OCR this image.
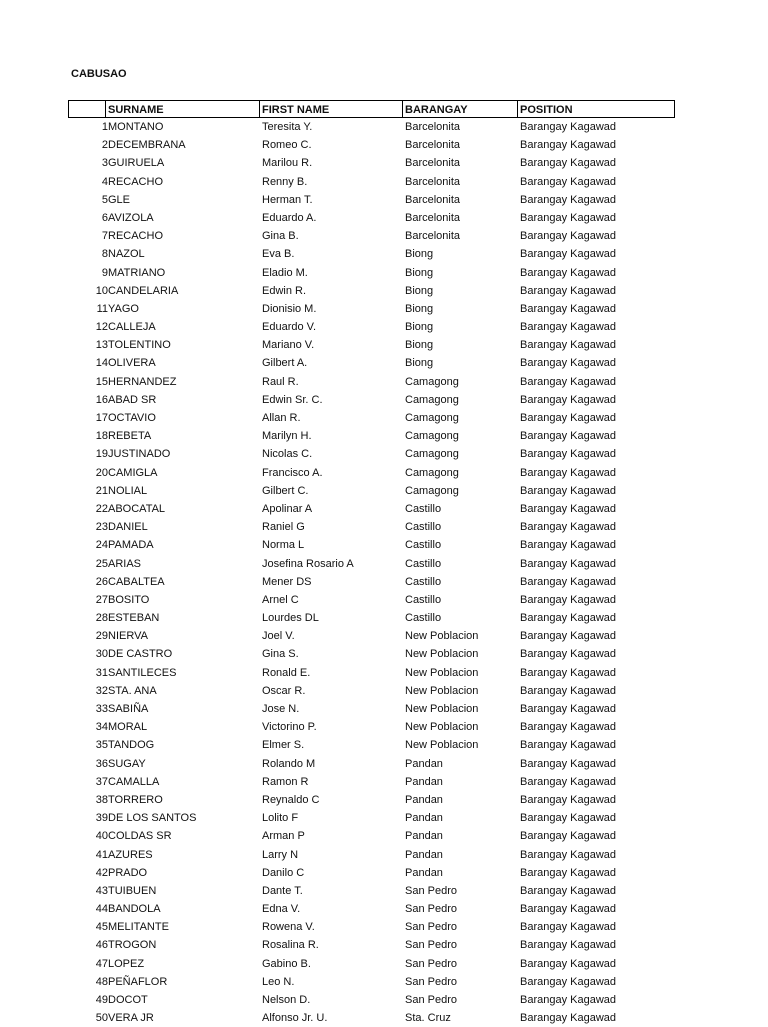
CABUSAO
SURNAME	FIRST NAME	BARANGAY	POSITION
1 MONTANO	Teresita Y.	Barcelonita	Barangay Kagawad
2 DECEMBRANA	Romeo C.	Barcelonita	Barangay Kagawad
3 GUIRUELA	Marilou R.	Barcelonita	Barangay Kagawad
4 RECACHO	Renny B.	Barcelonita	Barangay Kagawad
5 GLE	Herman T.	Barcelonita	Barangay Kagawad
6 AVIZOLA	Eduardo A.	Barcelonita	Barangay Kagawad
7 RECACHO	Gina B.	Barcelonita	Barangay Kagawad
8 NAZOL	Eva B.	Biong	Barangay Kagawad
9 MATRIANO	Eladio M.	Biong	Barangay Kagawad
10 CANDELARIA	Edwin R.	Biong	Barangay Kagawad
11 YAGO	Dionisio M.	Biong	Barangay Kagawad
12 CALLEJA	Eduardo V.	Biong	Barangay Kagawad
13 TOLENTINO	Mariano V.	Biong	Barangay Kagawad
14 OLIVERA	Gilbert A.	Biong	Barangay Kagawad
15 HERNANDEZ	Raul R.	Camagong	Barangay Kagawad
16 ABAD SR	Edwin Sr. C.	Camagong	Barangay Kagawad
17 OCTAVIO	Allan R.	Camagong	Barangay Kagawad
18 REBETA	Marilyn H.	Camagong	Barangay Kagawad
19 JUSTINADO	Nicolas C.	Camagong	Barangay Kagawad
20 CAMIGLA	Francisco A.	Camagong	Barangay Kagawad
21 NOLIAL	Gilbert C.	Camagong	Barangay Kagawad
22 ABOCATAL	Apolinar A	Castillo	Barangay Kagawad
23 DANIEL	Raniel G	Castillo	Barangay Kagawad
24 PAMADA	Norma L	Castillo	Barangay Kagawad
25 ARIAS	Josefina Rosario A	Castillo	Barangay Kagawad
26 CABALTEA	Mener DS	Castillo	Barangay Kagawad
27 BOSITO	Arnel C	Castillo	Barangay Kagawad
28 ESTEBAN	Lourdes DL	Castillo	Barangay Kagawad
29 NIERVA	Joel V.	New Poblacion	Barangay Kagawad
30 DE CASTRO	Gina S.	New Poblacion	Barangay Kagawad
31 SANTILECES	Ronald E.	New Poblacion	Barangay Kagawad
32 STA. ANA	Oscar R.	New Poblacion	Barangay Kagawad
33 SABIÑA	Jose N.	New Poblacion	Barangay Kagawad
34 MORAL	Victorino P.	New Poblacion	Barangay Kagawad
35 TANDOG	Elmer S.	New Poblacion	Barangay Kagawad
36 SUGAY	Rolando M	Pandan	Barangay Kagawad
37 CAMALLA	Ramon R	Pandan	Barangay Kagawad
38 TORRERO	Reynaldo C	Pandan	Barangay Kagawad
39 DE LOS SANTOS	Lolito F	Pandan	Barangay Kagawad
40 COLDAS SR	Arman P	Pandan	Barangay Kagawad
41 AZURES	Larry N	Pandan	Barangay Kagawad
42 PRADO	Danilo C	Pandan	Barangay Kagawad
43 TUIBUEN	Dante T.	San Pedro	Barangay Kagawad
44 BANDOLA	Edna V.	San Pedro	Barangay Kagawad
45 MELITANTE	Rowena V.	San Pedro	Barangay Kagawad
46 TROGON	Rosalina R.	San Pedro	Barangay Kagawad
47 LOPEZ	Gabino B.	San Pedro	Barangay Kagawad
48 PEÑAFLOR	Leo N.	San Pedro	Barangay Kagawad
49 DOCOT	Nelson D.	San Pedro	Barangay Kagawad
50 VERA JR	Alfonso Jr. U.	Sta. Cruz	Barangay Kagawad
